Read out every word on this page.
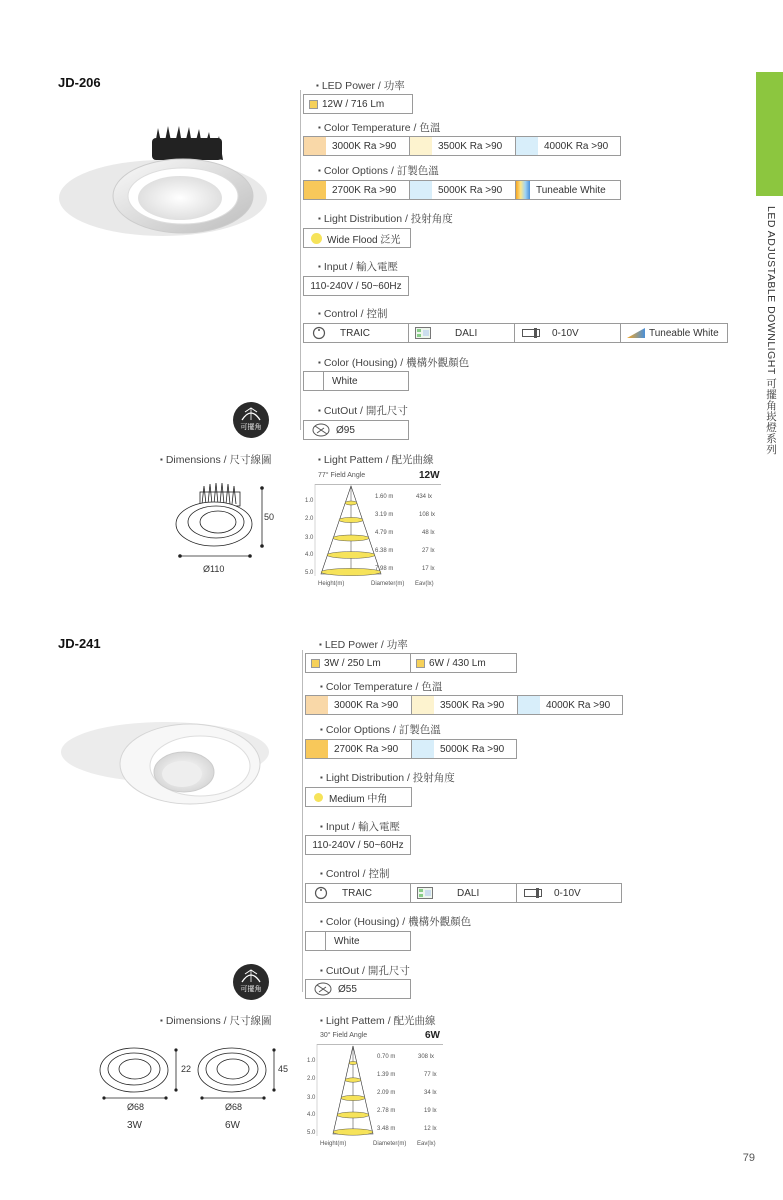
LED ADJUSTABLE DOWNLIGHT 可擺角崁燈系列
79
JD-206	▪ LED Power / 功率
12W / 716 Lm
▪ Color Temperature / 色溫
3000K Ra >90	3500K Ra >90	4000K Ra >90
▪ Color Options / 訂製色溫
2700K Ra >90	5000K Ra >90	Tuneable White
▪ Light Distribution / 投射角度
Wide Flood 泛光
▪ Input / 輸入電壓
110-240V / 50~60Hz
▪ Control / 控制
TRAIC	DALI	0-10V	Tuneable White
▪ Color (Housing) / 機構外觀顏色
White
▪ CutOut / 開孔尺寸
Ø95
可擺角
▪ Dimensions / 尺寸線圖
50
Ø110
▪ Light Pattem / 配光曲線
77° Field Angle	12W
1.0
2.0
3.0
4.0
5.0
1.60 m
3.19 m
4.79 m
6.38 m
7.98 m
434 lx
108 lx
48 lx
27 lx
17 lx
Height(m)	Diameter(m) Eav(lx)
JD-241	▪ LED Power / 功率
3W / 250 Lm	6W / 430 Lm
▪ Color Temperature / 色溫
3000K Ra >90	3500K Ra >90	4000K Ra >90
▪ Color Options / 訂製色溫
2700K Ra >90	5000K Ra >90
▪ Light Distribution / 投射角度
Medium 中角
▪ Input / 輸入電壓
110-240V / 50~60Hz
▪ Control / 控制
TRAIC	DALI	0-10V
▪ Color (Housing) / 機構外觀顏色
White
▪ CutOut / 開孔尺寸
Ø55
可擺角
▪ Dimensions / 尺寸線圖
22
Ø68
3W
45
Ø68
6W
▪ Light Pattem / 配光曲線
30° Field Angle	6W
1.0
2.0
3.0
4.0
5.0
0.70 m
1.39 m
2.09 m
2.78 m
3.48 m
308 lx
77 lx
34 lx
19 lx
12 lx
Height(m)	Diameter(m) Eav(lx)
